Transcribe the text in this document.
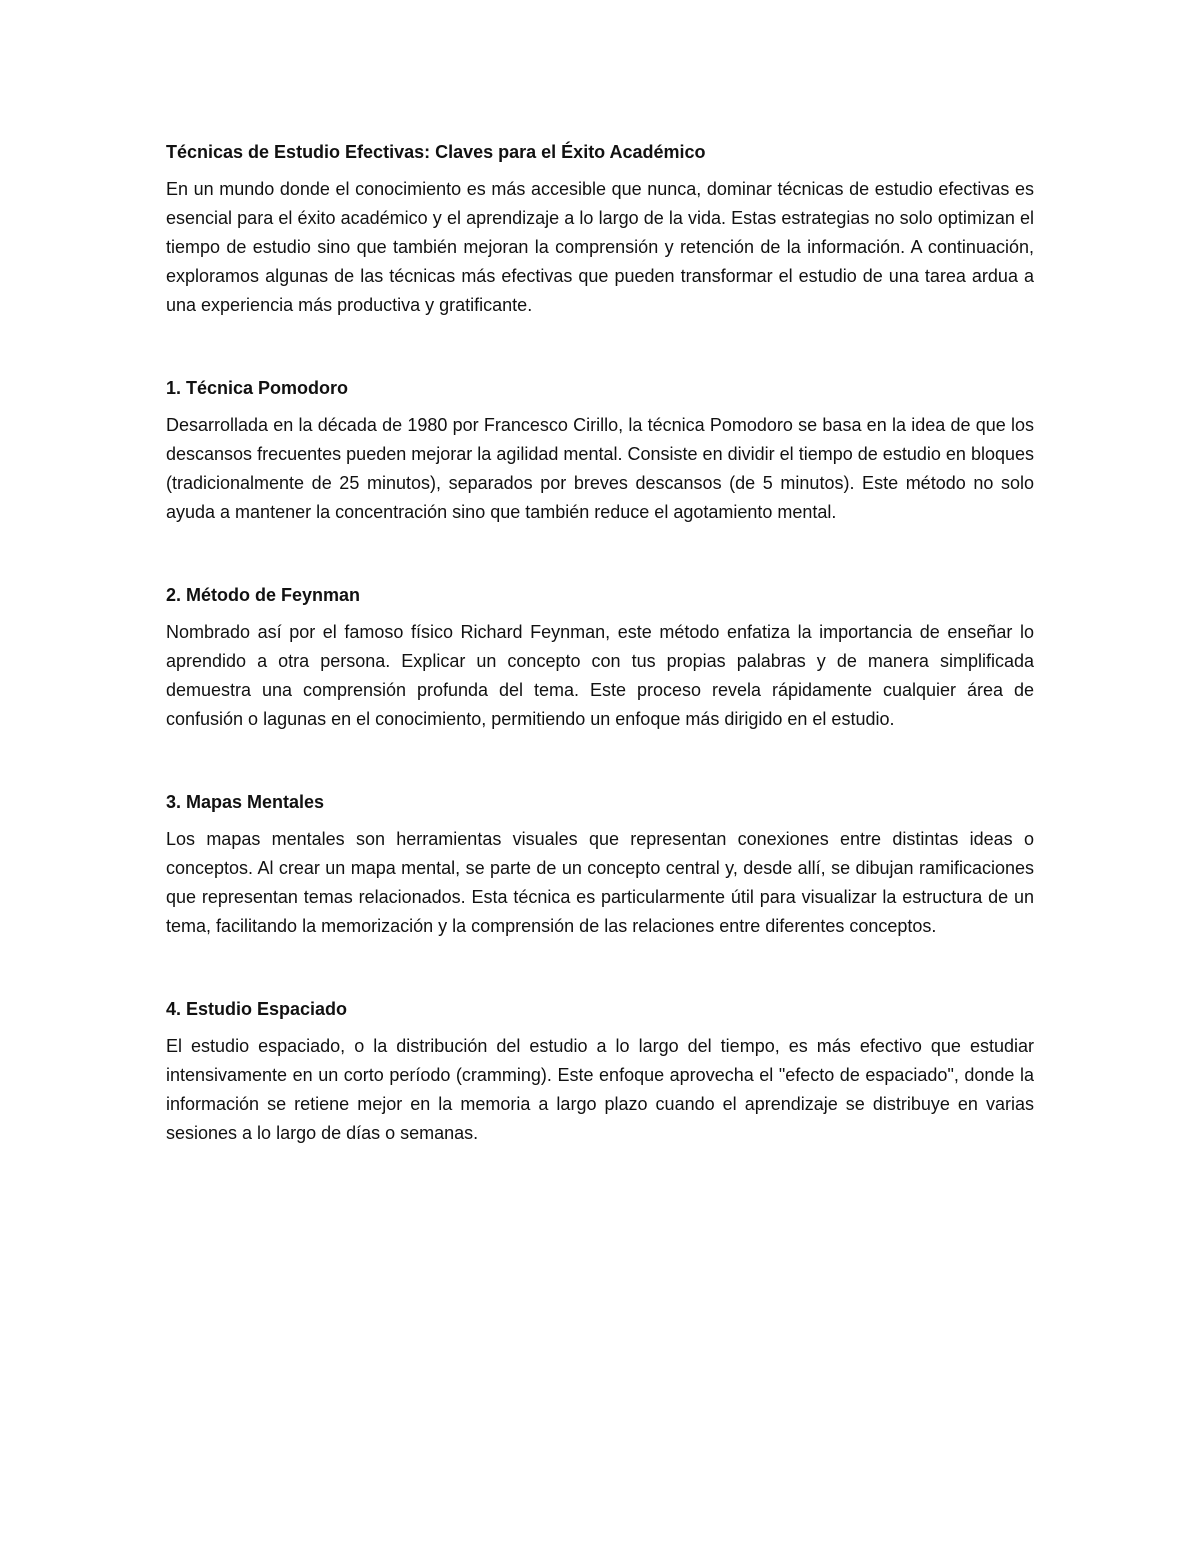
Técnicas de Estudio Efectivas: Claves para el Éxito Académico

En un mundo donde el conocimiento es más accesible que nunca, dominar técnicas de estudio efectivas es esencial para el éxito académico y el aprendizaje a lo largo de la vida. Estas estrategias no solo optimizan el tiempo de estudio sino que también mejoran la comprensión y retención de la información. A continuación, exploramos algunas de las técnicas más efectivas que pueden transformar el estudio de una tarea ardua a una experiencia más productiva y gratificante.

1. Técnica Pomodoro

Desarrollada en la década de 1980 por Francesco Cirillo, la técnica Pomodoro se basa en la idea de que los descansos frecuentes pueden mejorar la agilidad mental. Consiste en dividir el tiempo de estudio en bloques (tradicionalmente de 25 minutos), separados por breves descansos (de 5 minutos). Este método no solo ayuda a mantener la concentración sino que también reduce el agotamiento mental.

2. Método de Feynman

Nombrado así por el famoso físico Richard Feynman, este método enfatiza la importancia de enseñar lo aprendido a otra persona. Explicar un concepto con tus propias palabras y de manera simplificada demuestra una comprensión profunda del tema. Este proceso revela rápidamente cualquier área de confusión o lagunas en el conocimiento, permitiendo un enfoque más dirigido en el estudio.

3. Mapas Mentales

Los mapas mentales son herramientas visuales que representan conexiones entre distintas ideas o conceptos. Al crear un mapa mental, se parte de un concepto central y, desde allí, se dibujan ramificaciones que representan temas relacionados. Esta técnica es particularmente útil para visualizar la estructura de un tema, facilitando la memorización y la comprensión de las relaciones entre diferentes conceptos.

4. Estudio Espaciado

El estudio espaciado, o la distribución del estudio a lo largo del tiempo, es más efectivo que estudiar intensivamente en un corto período (cramming). Este enfoque aprovecha el "efecto de espaciado", donde la información se retiene mejor en la memoria a largo plazo cuando el aprendizaje se distribuye en varias sesiones a lo largo de días o semanas.
